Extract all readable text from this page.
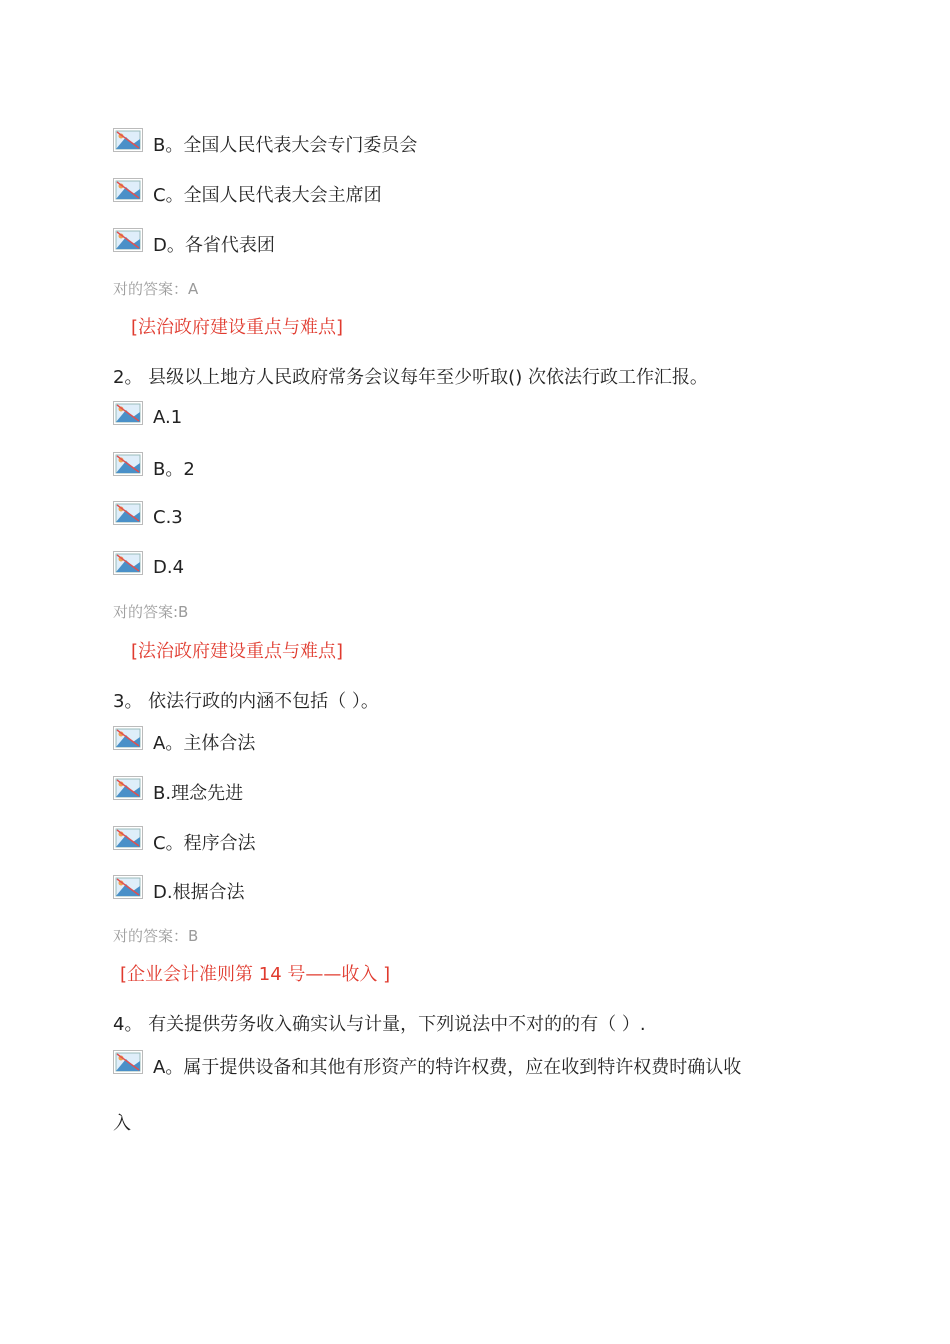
B。全国人民代表大会专门委员会
C。全国人民代表大会主席团
D。各省代表团
对的答案：A
[法治政府建设重点与难点]
2。 县级以上地方人民政府常务会议每年至少听取() 次依法行政工作汇报。
A.1
B。2
C.3
D.4
对的答案:B
[法治政府建设重点与难点]
3。 依法行政的内涵不包括（ ）。
A。主体合法
B.理念先进
C。程序合法
D.根据合法
对的答案：B
[企业会计准则第 14 号——收入 ]
4。 有关提供劳务收入确实认与计量，下列说法中不对的的有（ ）.
A。属于提供设备和其他有形资产的特许权费，应在收到特许权费时确认收
入
